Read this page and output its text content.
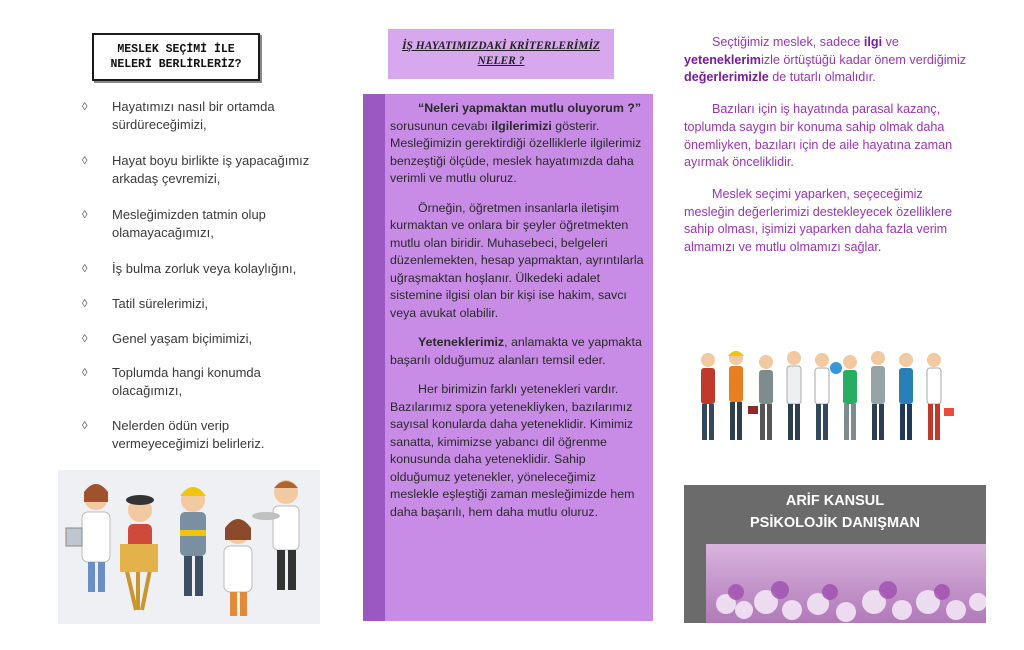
MESLEK SEÇİMİ İLE NELERİ BERLİRLERİZ?
◊ Hayatımızı nasıl bir ortamda sürdüreceğimizi,
◊ Hayat boyu birlikte iş yapacağımız arkadaş çevremizi,
◊ Mesleğimizden tatmin olup olamayacağımızı,
◊ İş bulma zorluk veya kolaylığını,
◊ Tatil sürelerimizi,
◊ Genel yaşam biçimimizi,
◊ Toplumda hangi konumda olacağımızı,
◊ Nelerden ödün verip vermeyeceğimizi belirleriz.
İŞ HAYATIMIZDAKİ KRİTERLERİMİZ NELER ?

“Neleri yapmaktan mutlu oluyorum ?” sorusunun cevabı ilgilerimizi gösterir. Mesleğimizin gerektirdiği özelliklerle ilgilerimiz benzeştiği ölçüde, meslek hayatımızda daha verimli ve mutlu oluruz.

Örneğin, öğretmen insanlarla iletişim kurmaktan ve onlara bir şeyler öğretmekten mutlu olan biridir. Muhasebeci, belgeleri düzenlemekten, hesap yapmaktan, ayrıntılarla uğraşmaktan hoşlanır. Ülkedeki adalet sistemine ilgisi olan bir kişi ise hakim, savcı veya avukat olabilir.

Yeteneklerimiz, anlamakta ve yapmakta başarılı olduğumuz alanları temsil eder.

Her birimizin farklı yetenekleri vardır. Bazılarımız spora yetenekliyken, bazılarımız sayısal konularda daha yeteneklidir. Kimimiz sanatta, kimimizse yabancı dil öğrenme konusunda daha yeteneklidir. Sahip olduğumuz yetenekler, yöneleceğimiz meslekle eşleştiği zaman mesleğimizde hem daha başarılı, hem daha mutlu oluruz.

Seçtiğimiz meslek, sadece ilgi ve yeteneklerimizle örtüştüğü kadar önem verdiğimiz değerlerimizle de tutarlı olmalıdır.

Bazıları için iş hayatında parasal kazanç, toplumda saygın bir konuma sahip olmak daha önemliyken, bazıları için de aile hayatına zaman ayırmak önceliklidir.

Meslek seçimi yaparken, seçeceğimiz mesleğin değerlerimizi destekleyecek özelliklere sahip olması, işimizi yaparken daha fazla verim almamızı ve mutlu olmamızı sağlar.

ARİF KANSUL
PSİKOLOJİK DANIŞMAN
